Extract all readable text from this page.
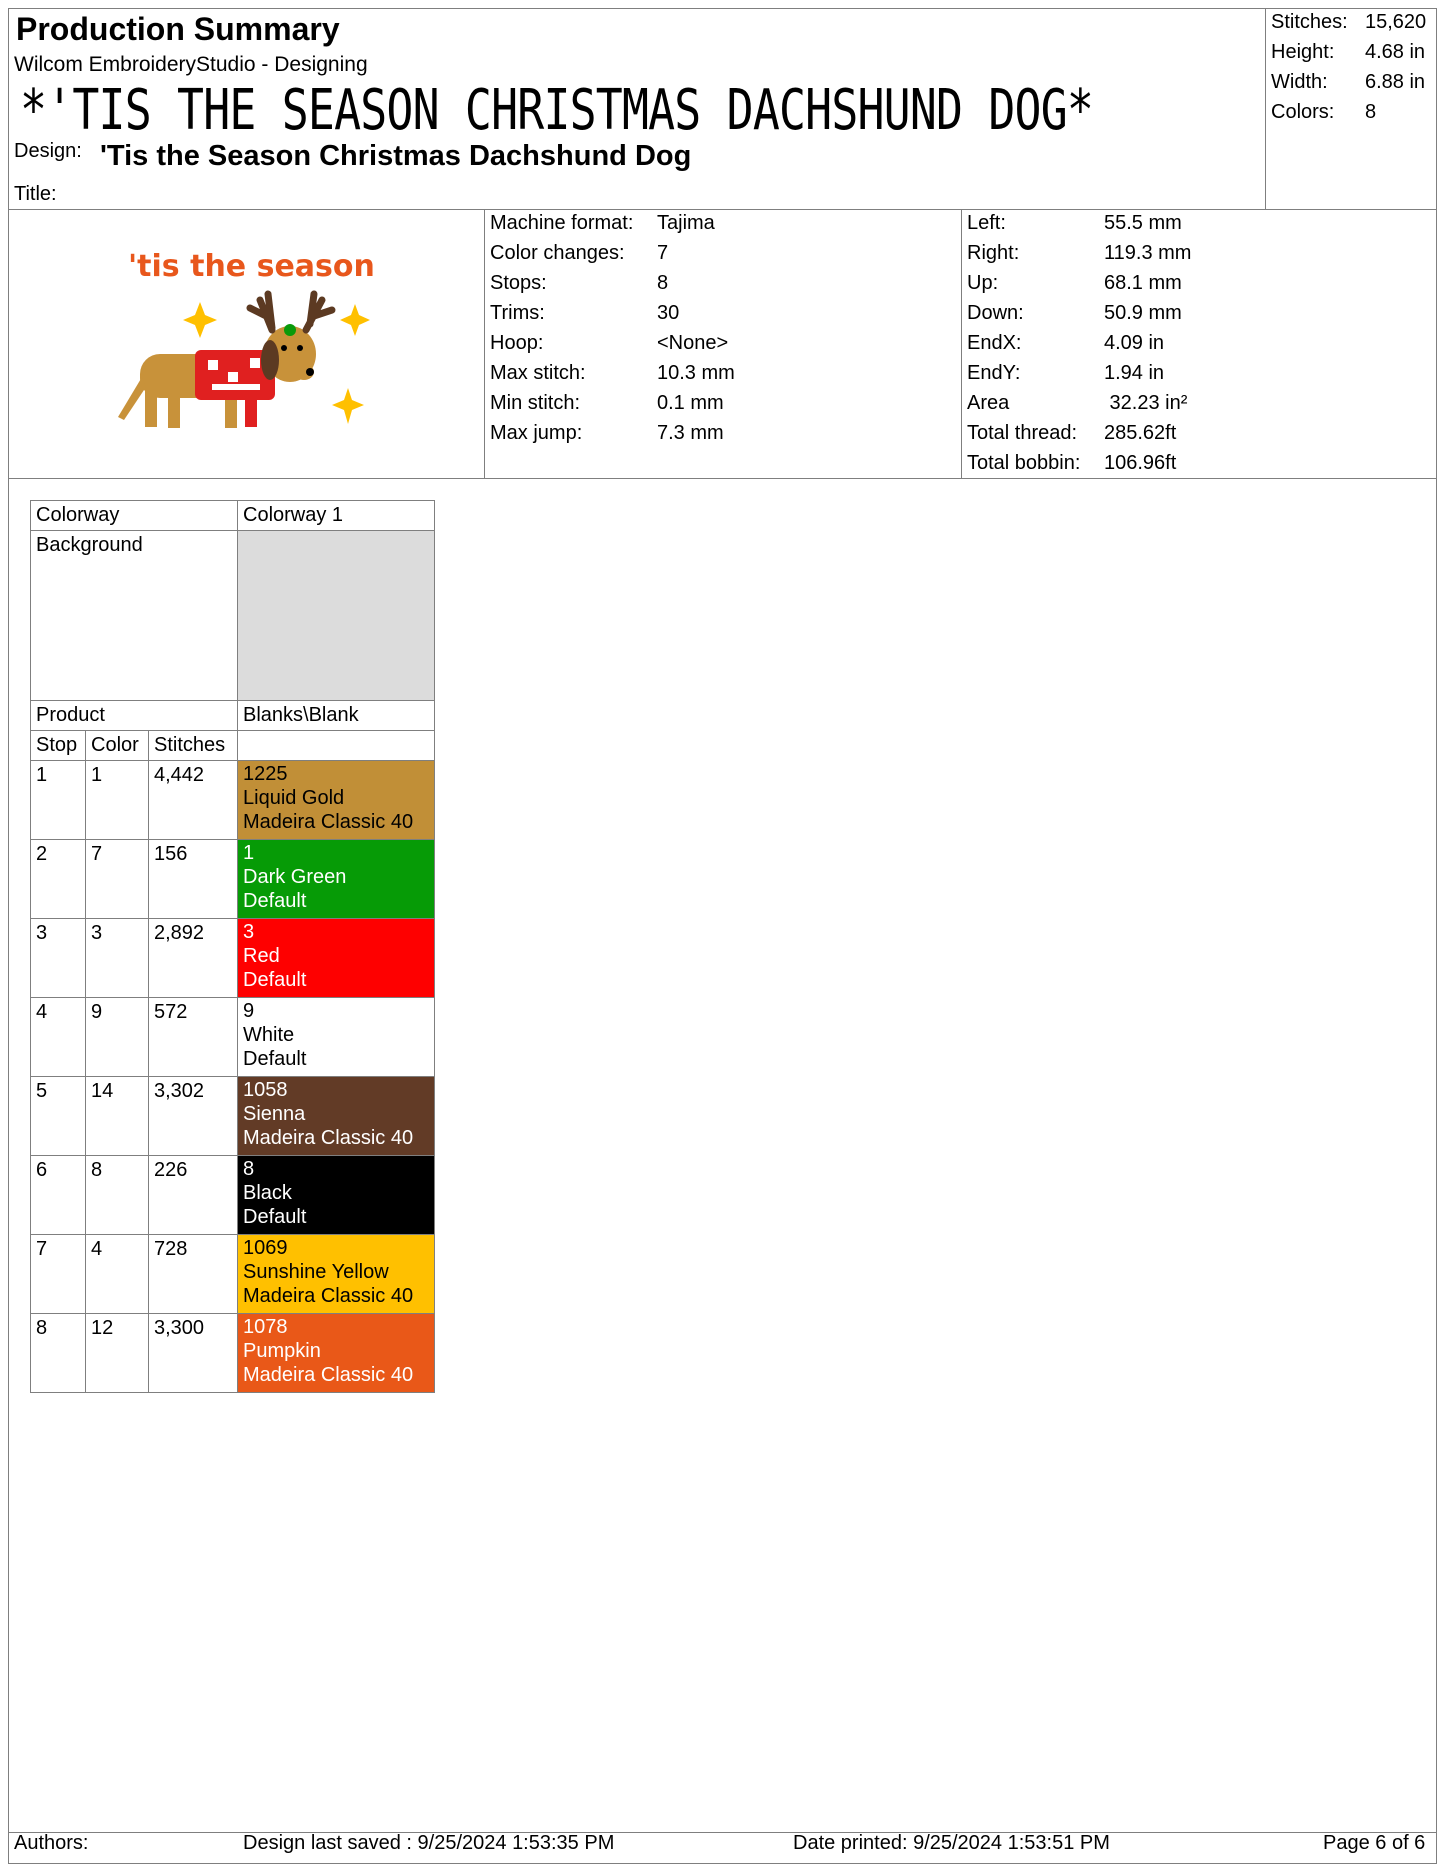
Production Summary
Wilcom EmbroideryStudio - Designing
*'TIS THE SEASON CHRISTMAS DACHSHUND DOG*
Design: 'Tis the Season Christmas Dachshund Dog
Title:
Stitches: 15,620
Height:	4.68 in
Width:	6.88 in
Colors:	8
'tis the season
Machine format:	Tajima
Color changes:	7
Stops:	8
Trims:	30
Hoop:	<None>
Max stitch:	10.3 mm
Min stitch:	0.1 mm
Max jump:	7.3 mm
Left:	55.5 mm
Right:	119.3 mm
Up:	68.1 mm
Down:	50.9 mm
EndX:	4.09 in
EndY:	1.94 in
Area	32.23 in²
Total thread:	285.62ft
Total bobbin:	106.96ft
Colorway			Colorway 1
Background			
Product			Blanks\Blank
Stop	Color	Stitches	
1	1	4,442	1225
Liquid Gold
Madeira Classic 40

2	7	156	1
Dark Green
Default

3	3	2,892	3
Red
Default

4	9	572	9
White
Default

5	14	3,302	1058
Sienna
Madeira Classic 40

6	8	226	8
Black
Default

7	4	728	1069
Sunshine Yellow
Madeira Classic 40

8	12	3,300	1078
Pumpkin
Madeira Classic 40
Authors:	Design last saved : 9/25/2024 1:53:35 PM	Date printed: 9/25/2024 1:53:51 PM	Page 6 of 6
